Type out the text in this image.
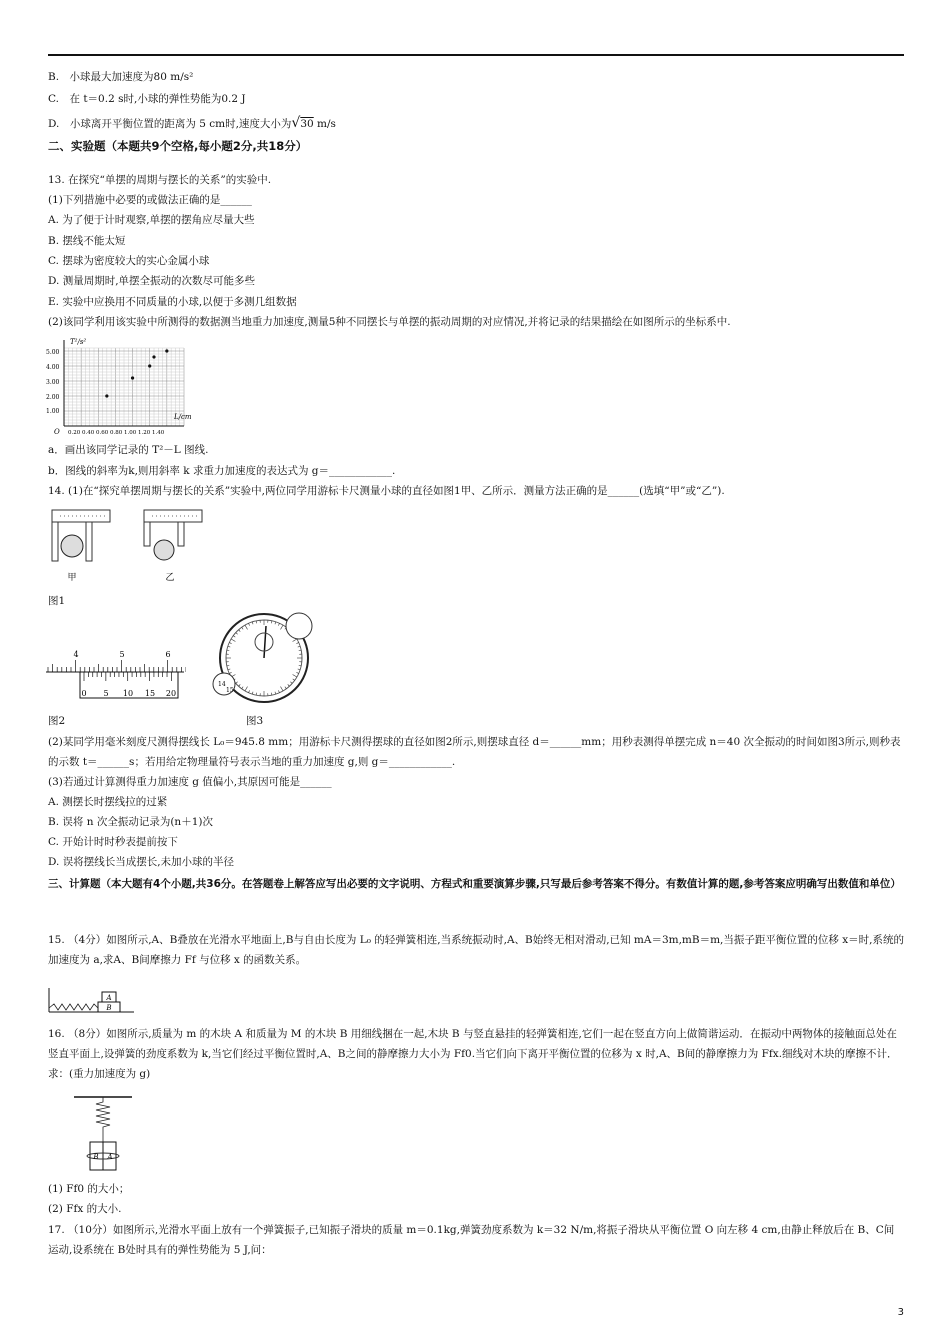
B.　小球最大加速度为80 m/s²
C.　在 t＝0.2 s时,小球的弹性势能为0.2 J
D.　小球离开平衡位置的距离为 5 cm时,速度大小为√30 m/s
二、实验题（本题共9个空格,每小题2分,共18分）
13. 在探究“单摆的周期与摆长的关系”的实验中.
(1)下列措施中必要的或做法正确的是______
A. 为了便于计时观察,单摆的摆角应尽量大些
B. 摆线不能太短
C. 摆球为密度较大的实心金属小球
D. 测量周期时,单摆全振动的次数尽可能多些
E. 实验中应换用不同质量的小球,以便于多测几组数据
(2)该同学利用该实验中所测得的数据测当地重力加速度,测量5种不同摆长与单摆的振动周期的对应情况,并将记录的结果描绘在如图所示的坐标系中.
T²/s²
L/cm
O
5.00
4.00
3.00
2.00
1.00
0.20 0.40 0.60 0.80 1.00 1.20 1.40
a．画出该同学记录的 T²－L 图线.
b．图线的斜率为k,则用斜率 k 求重力加速度的表达式为 g＝____________.
14. (1)在“探究单摆周期与摆长的关系”实验中,两位同学用游标卡尺测量小球的直径如图1甲、乙所示．测量方法正确的是______(选填“甲”或“乙”).
甲	乙
图1
4	5	6
0 5 10 15 20
14
15
图2	图3
(2)某同学用毫米刻度尺测得摆线长 L₀＝945.8 mm；用游标卡尺测得摆球的直径如图2所示,则摆球直径 d＝______mm；用秒表测得单摆完成 n＝40 次全振动的时间如图3所示,则秒表的示数 t＝______s；若用给定物理量符号表示当地的重力加速度 g,则 g＝____________.
(3)若通过计算测得重力加速度 g 值偏小,其原因可能是______
A. 测摆长时摆线拉的过紧
B. 误将 n 次全振动记录为(n＋1)次
C. 开始计时时秒表提前按下
D. 误将摆线长当成摆长,未加小球的半径
三、计算题（本大题有4个小题,共36分。在答题卷上解答应写出必要的文字说明、方程式和重要演算步骤,只写最后参考答案不得分。有数值计算的题,参考答案应明确写出数值和单位）
15. （4分）如图所示,A、B叠放在光滑水平地面上,B与自由长度为 L₀ 的轻弹簧相连,当系统振动时,A、B始终无相对滑动,已知 mA＝3m,mB＝m,当振子距平衡位置的位移 x＝时,系统的加速度为 a,求A、B间摩擦力 Ff 与位移 x 的函数关系。
A
B
16. （8分）如图所示,质量为 m 的木块 A 和质量为 M 的木块 B 用细线捆在一起,木块 B 与竖直悬挂的轻弹簧相连,它们一起在竖直方向上做简谐运动．在振动中两物体的接触面总处在竖直平面上,设弹簧的劲度系数为 k,当它们经过平衡位置时,A、B之间的静摩擦力大小为 Ff0.当它们向下离开平衡位置的位移为 x 时,A、B间的静摩擦力为 Ffx.细线对木块的摩擦不计．求：(重力加速度为 g)
B A
(1) Ff0 的大小；
(2) Ffx 的大小.
17. （10分）如图所示,光滑水平面上放有一个弹簧振子,已知振子滑块的质量 m＝0.1kg,弹簧劲度系数为 k＝32 N/m,将振子滑块从平衡位置 O 向左移 4 cm,由静止释放后在 B、C间运动,设系统在 B处时具有的弹性势能为 5 J,问：
3
